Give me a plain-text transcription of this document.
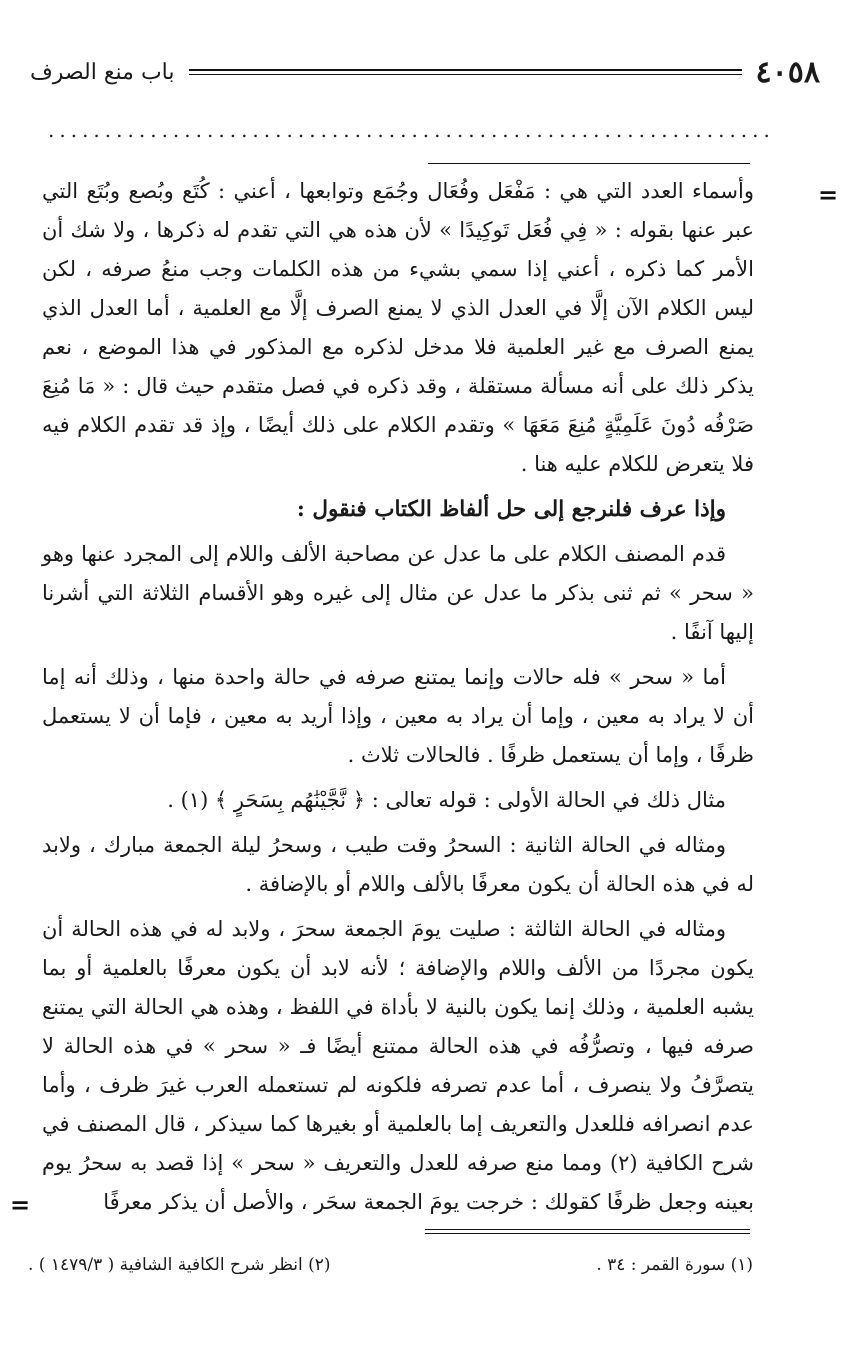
٤٠٥٨
باب منع الصرف
................................................................
=

وأسماء العدد التي هي : مَفْعَل وفُعَال وجُمَع وتوابعها ، أعني : كُتَع وبُصع وبُتَع التي عبر عنها بقوله : « فِي فُعَل تَوكِيدًا » لأن هذه هي التي تقدم له ذكرها ، ولا شك أن الأمر كما ذكره ، أعني إذا سمي بشيء من هذه الكلمات وجب منعُ صرفه ، لكن ليس الكلام الآن إلَّا في العدل الذي لا يمنع الصرف إلَّا مع العلمية ، أما العدل الذي يمنع الصرف مع غير العلمية فلا مدخل لذكره مع المذكور في هذا الموضع ، نعم يذكر ذلك على أنه مسألة مستقلة ، وقد ذكره في فصل متقدم حيث قال : « مَا مُنِعَ صَرْفُه دُونَ عَلَمِيَّةٍ مُنِعَ مَعَهَا » وتقدم الكلام على ذلك أيضًا ، وإذ قد تقدم الكلام فيه فلا يتعرض للكلام عليه هنا .

وإذا عرف فلنرجع إلى حل ألفاظ الكتاب فنقول :

قدم المصنف الكلام على ما عدل عن مصاحبة الألف واللام إلى المجرد عنها وهو « سحر » ثم ثنى بذكر ما عدل عن مثال إلى غيره وهو الأقسام الثلاثة التي أشرنا إليها آنفًا .

أما « سحر » فله حالات وإنما يمتنع صرفه في حالة واحدة منها ، وذلك أنه إما أن لا يراد به معين ، وإما أن يراد به معين ، وإذا أريد به معين ، فإما أن لا يستعمل ظرفًا ، وإما أن يستعمل ظرفًا . فالحالات ثلاث .

مثال ذلك في الحالة الأولى : قوله تعالى : ﴿ نَّجَّيْنَٰهُم بِسَحَرٍ ﴾ (١) .

ومثاله في الحالة الثانية : السحرُ وقت طيب ، وسحرُ ليلة الجمعة مبارك ، ولابد له في هذه الحالة أن يكون معرفًا بالألف واللام أو بالإضافة .

ومثاله في الحالة الثالثة : صليت يومَ الجمعة سحرَ ، ولابد له في هذه الحالة أن يكون مجردًا من الألف واللام والإضافة ؛ لأنه لابد أن يكون معرفًا بالعلمية أو بما يشبه العلمية ، وذلك إنما يكون بالنية لا بأداة في اللفظ ، وهذه هي الحالة التي يمتنع صرفه فيها ، وتصرُّفُه في هذه الحالة ممتنع أيضًا فـ « سحر » في هذه الحالة لا يتصرَّفُ ولا ينصرف ، أما عدم تصرفه فلكونه لم تستعمله العرب غيرَ ظرف ، وأما عدم انصرافه فللعدل والتعريف إما بالعلمية أو بغيرها كما سيذكر ، قال المصنف في شرح الكافية (٢) ومما منع صرفه للعدل والتعريف « سحر » إذا قصد به سحرُ يوم بعينه وجعل ظرفًا كقولك : خرجت يومَ الجمعة سحَر ، والأصل أن يذكر معرفًا

=
(١) سورة القمر : ٣٤ .
(٢) انظر شرح الكافية الشافية ( ١٤٧٩/٣ ) .
